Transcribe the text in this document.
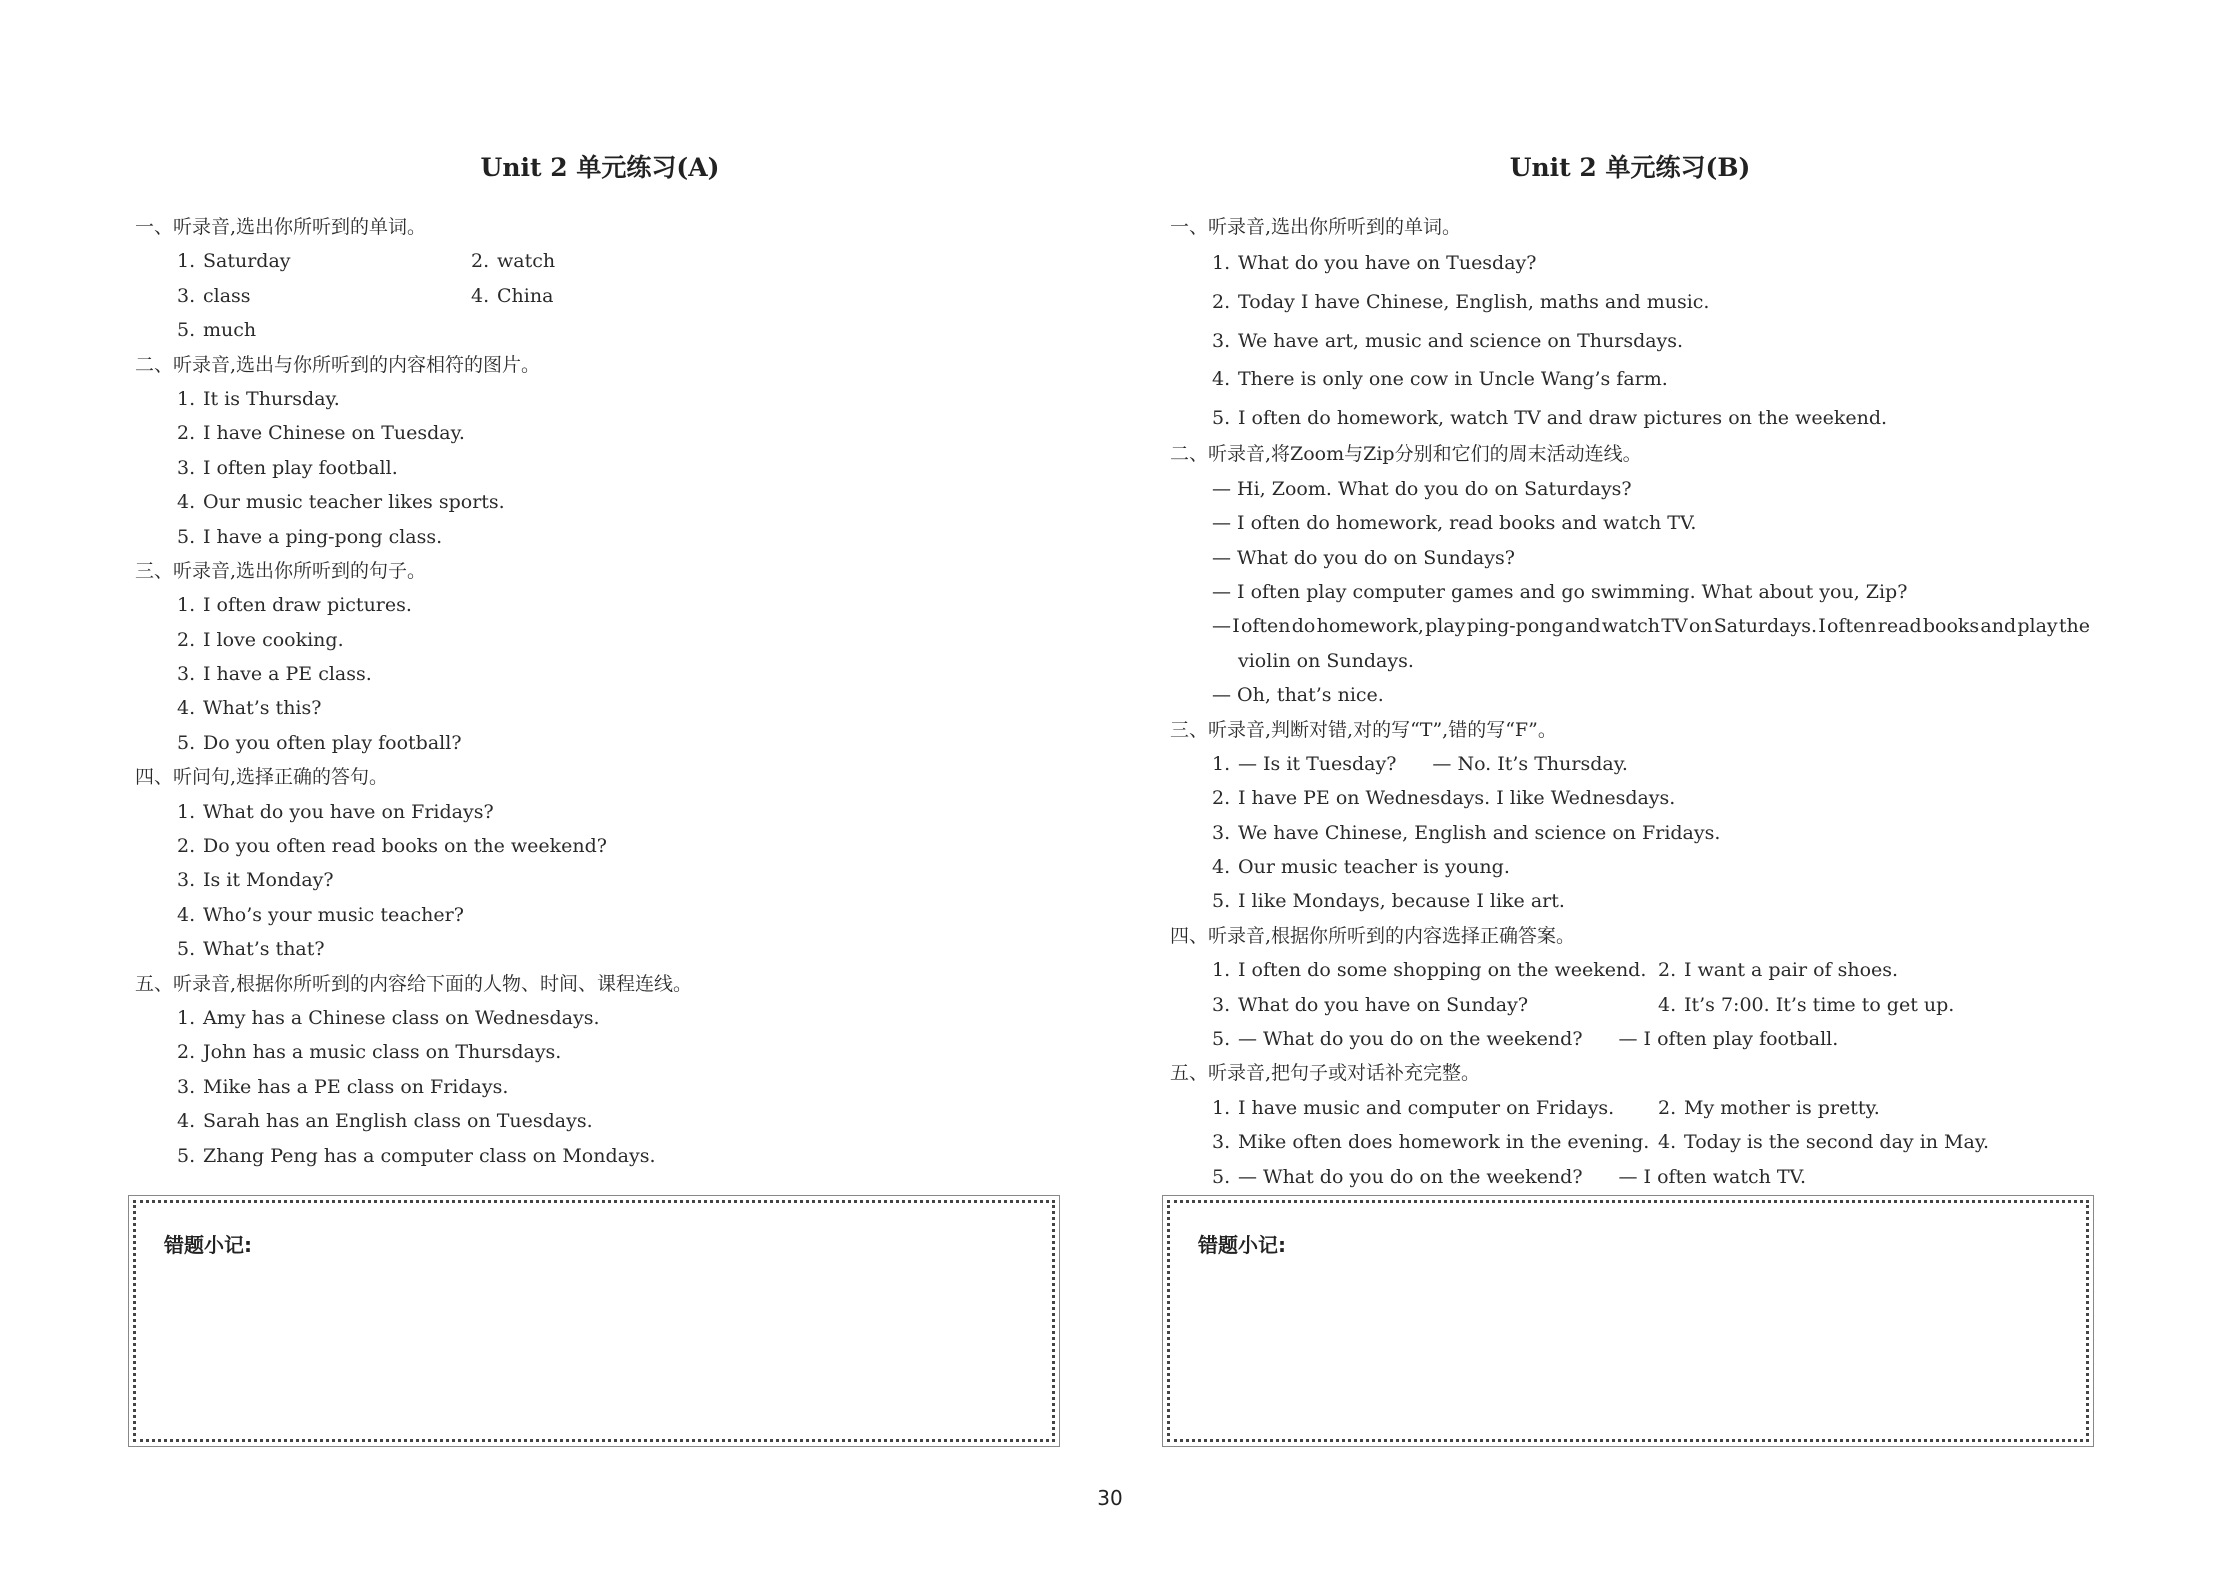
Unit 2 单元练习(A)
一、听录音,选出你所听到的单词。
1. Saturday	2. watch
3. class	4. China
5. much
二、听录音,选出与你所听到的内容相符的图片。
1. It is Thursday.
2. I have Chinese on Tuesday.
3. I often play football.
4. Our music teacher likes sports.
5. I have a ping-pong class.
三、听录音,选出你所听到的句子。
1. I often draw pictures.
2. I love cooking.
3. I have a PE class.
4. What’s this?
5. Do you often play football?
四、听问句,选择正确的答句。
1. What do you have on Fridays?
2. Do you often read books on the weekend?
3. Is it Monday?
4. Who’s your music teacher?
5. What’s that?
五、听录音,根据你所听到的内容给下面的人物、时间、课程连线。
1. Amy has a Chinese class on Wednesdays.
2. John has a music class on Thursdays.
3. Mike has a PE class on Fridays.
4. Sarah has an English class on Tuesdays.
5. Zhang Peng has a computer class on Mondays.
错题小记:
Unit 2 单元练习(B)
一、听录音,选出你所听到的单词。
1. What do you have on Tuesday?
2. Today I have Chinese, English, maths and music.
3. We have art, music and science on Thursdays.
4. There is only one cow in Uncle Wang’s farm.
5. I often do homework, watch TV and draw pictures on the weekend.
二、听录音,将Zoom与Zip分别和它们的周末活动连线。
— Hi, Zoom. What do you do on Saturdays?
— I often do homework, read books and watch TV.
— What do you do on Sundays?
— I often play computer games and go swimming. What about you, Zip?
— I often do homework, play ping-pong and watch TV on Saturdays. I often read books and play the
violin on Sundays.
— Oh, that’s nice.
三、听录音,判断对错,对的写“T”,错的写“F”。
1. — Is it Tuesday? — No. It’s Thursday.
2. I have PE on Wednesdays. I like Wednesdays.
3. We have Chinese, English and science on Fridays.
4. Our music teacher is young.
5. I like Mondays, because I like art.
四、听录音,根据你所听到的内容选择正确答案。
1. I often do some shopping on the weekend. 2. I want a pair of shoes.
3. What do you have on Sunday?	4. It’s 7:00. It’s time to get up.
5. — What do you do on the weekend? — I often play football.
五、听录音,把句子或对话补充完整。
1. I have music and computer on Fridays.	2. My mother is pretty.
3. Mike often does homework in the evening. 4. Today is the second day in May.
5. — What do you do on the weekend? — I often watch TV.
错题小记:
30
